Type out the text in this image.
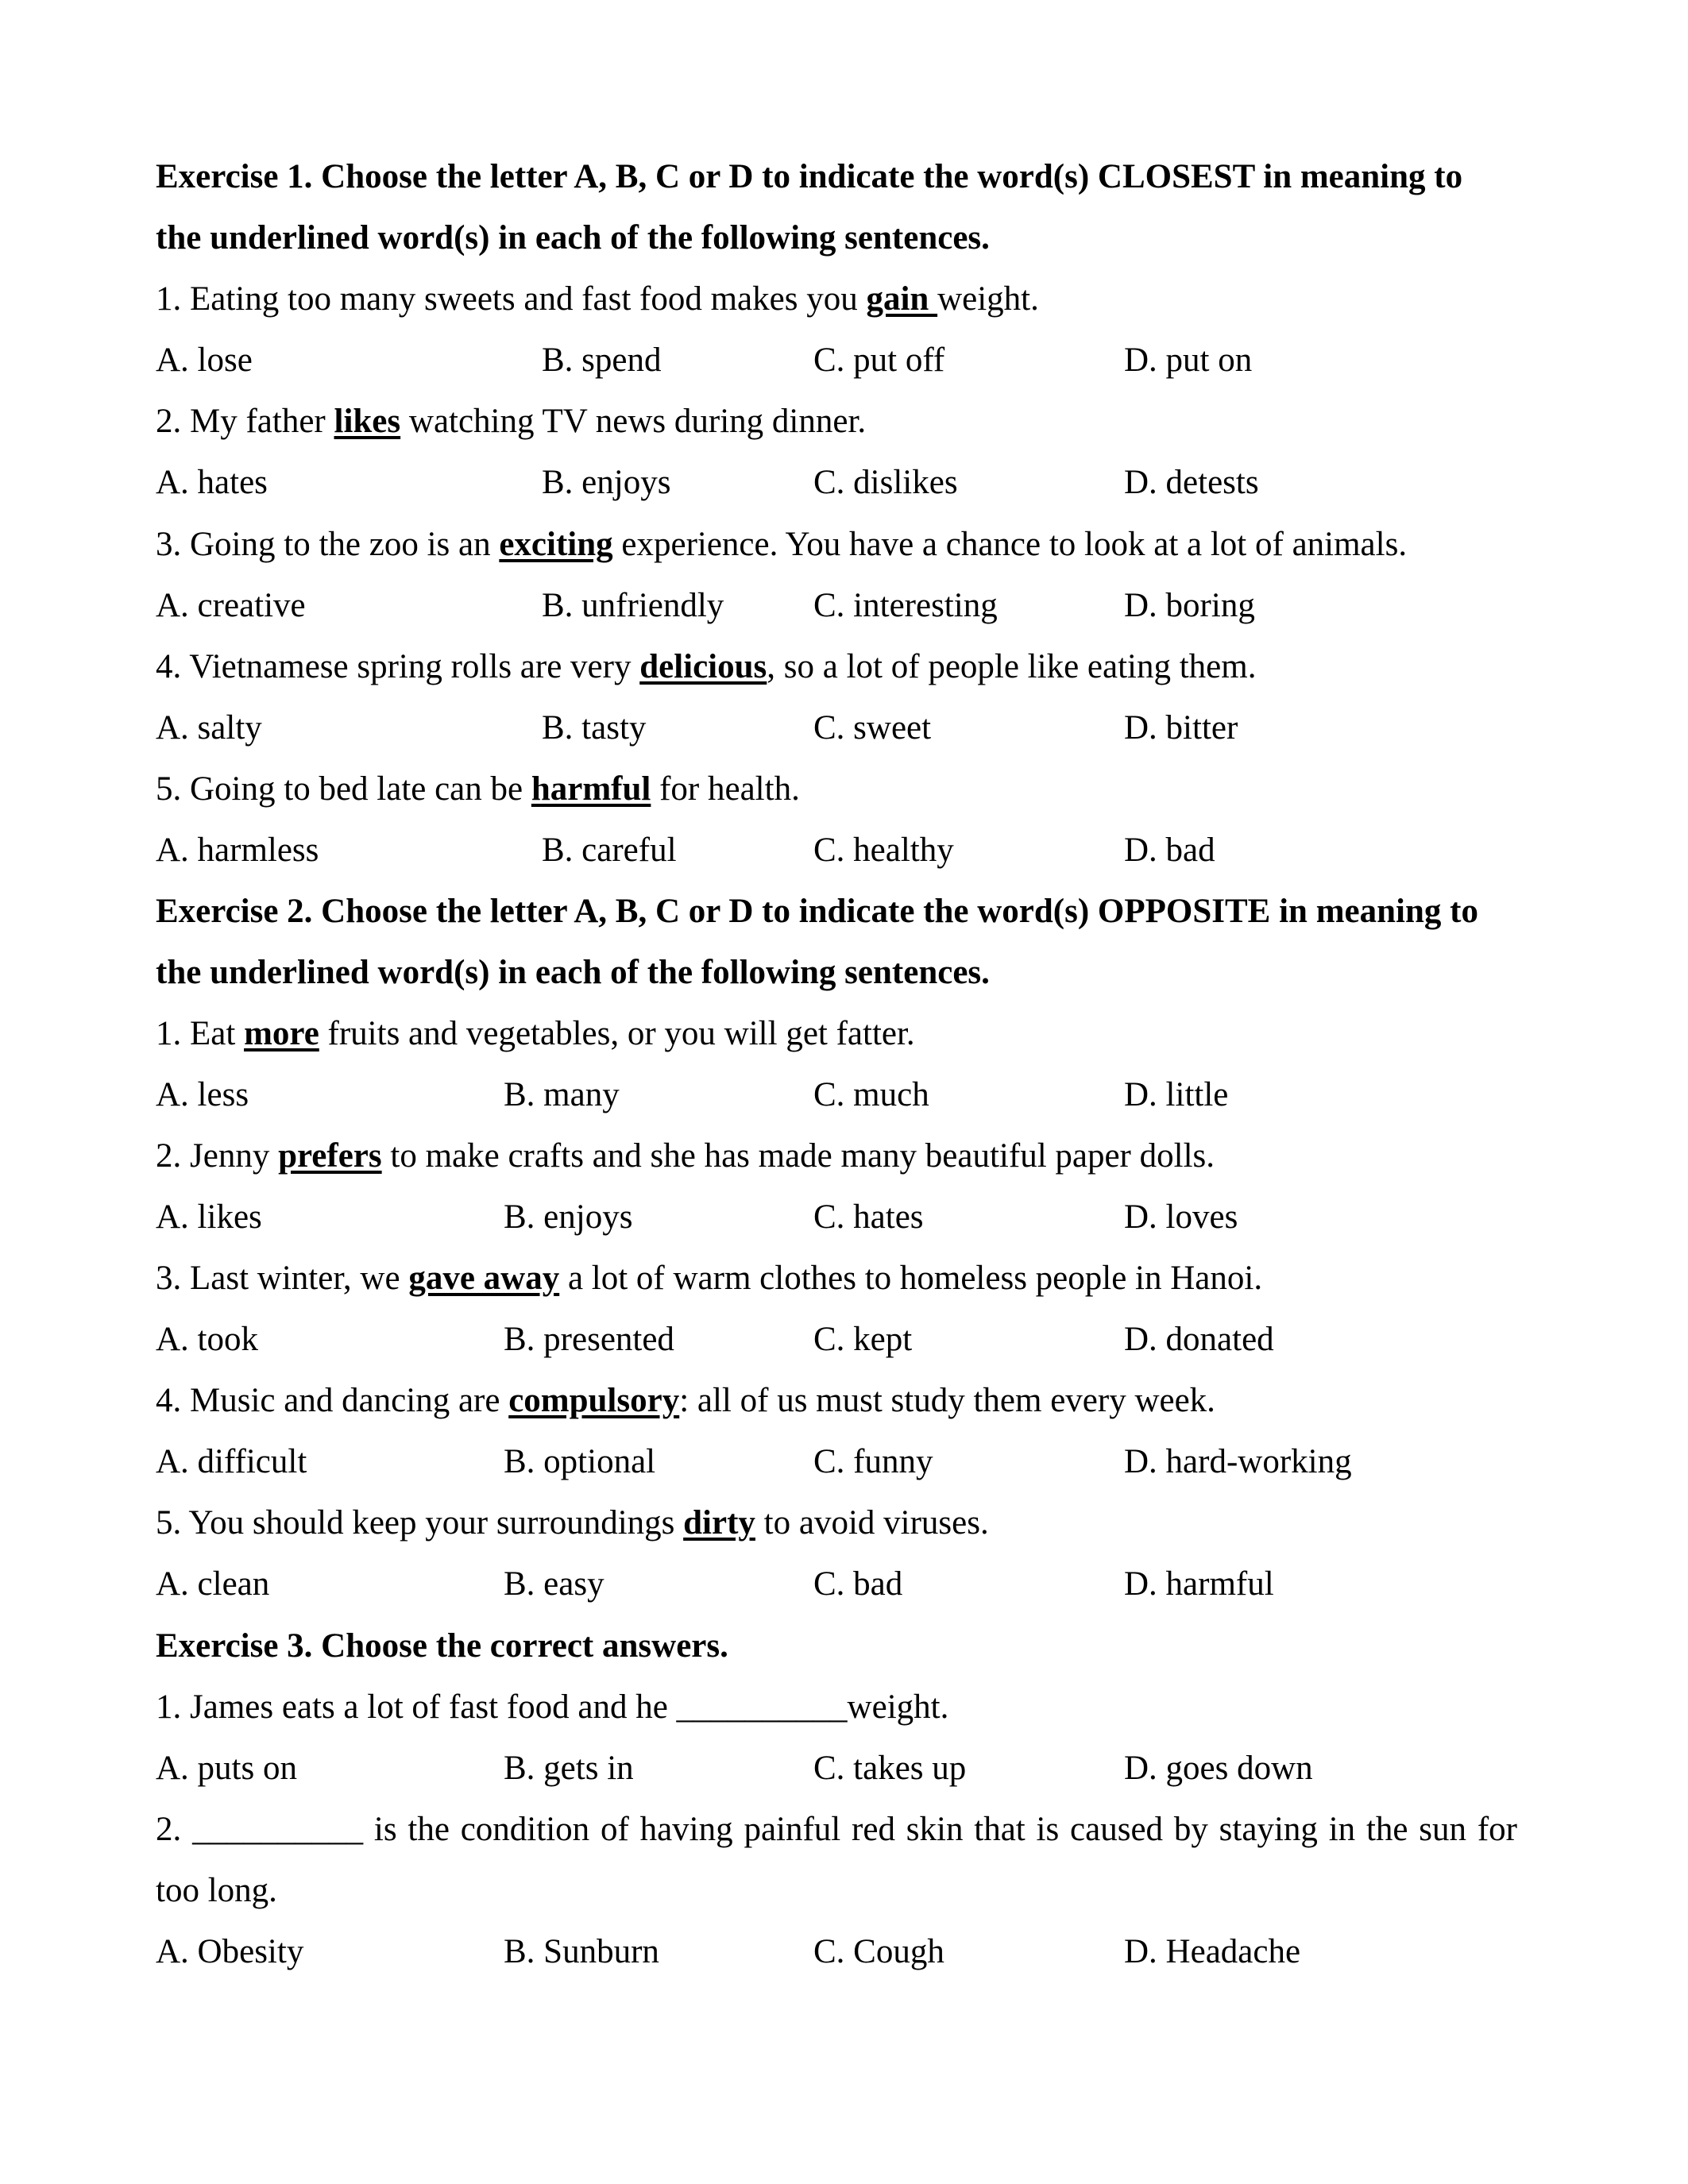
Exercise 1. Choose the letter A, B, C or D to indicate the word(s) CLOSEST in meaning to
the underlined word(s) in each of the following sentences.
1. Eating too many sweets and fast food makes you gain weight.
A. lose	B. spend	C. put off	D. put on
2. My father likes watching TV news during dinner.
A. hates	B. enjoys	C. dislikes	D. detests
3. Going to the zoo is an exciting experience. You have a chance to look at a lot of animals.
A. creative	B. unfriendly	C. interesting	D. boring
4. Vietnamese spring rolls are very delicious, so a lot of people like eating them.
A. salty	B. tasty	C. sweet	D. bitter
5. Going to bed late can be harmful for health.
A. harmless	B. careful	C. healthy	D. bad
Exercise 2. Choose the letter A, B, C or D to indicate the word(s) OPPOSITE in meaning to
the underlined word(s) in each of the following sentences.
1. Eat more fruits and vegetables, or you will get fatter.
A. less	B. many	C. much	D. little
2. Jenny prefers to make crafts and she has made many beautiful paper dolls.
A. likes	B. enjoys	C. hates	D. loves
3. Last winter, we gave away a lot of warm clothes to homeless people in Hanoi.
A. took	B. presented	C. kept	D. donated
4. Music and dancing are compulsory: all of us must study them every week.
A. difficult	B. optional	C. funny	D. hard-working
5. You should keep your surroundings dirty to avoid viruses.
A. clean	B. easy	C. bad	D. harmful
Exercise 3. Choose the correct answers.
1. James eats a lot of fast food and he __________weight.
A. puts on	B. gets in	C. takes up	D. goes down
2. __________ is the condition of having painful red skin that is caused by staying in the sun for
too long.
A. Obesity	B. Sunburn	C. Cough	D. Headache
